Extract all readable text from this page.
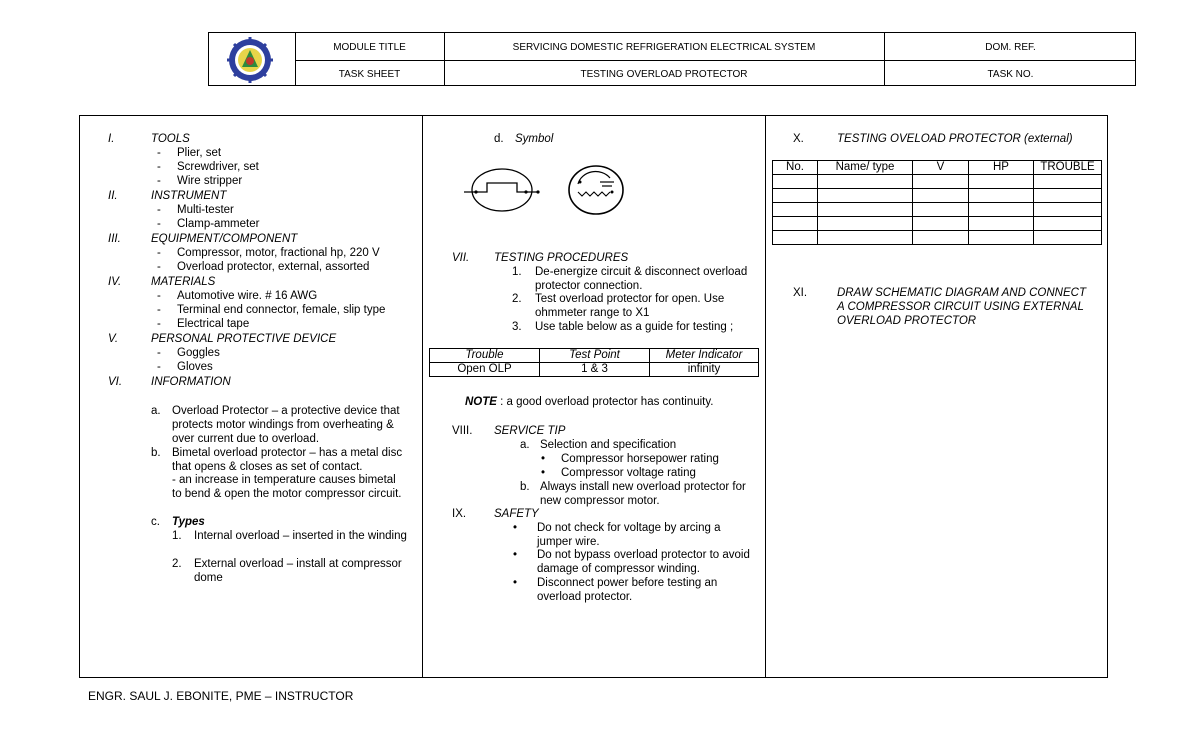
MODULE TITLE	SERVICING DOMESTIC REFRIGERATION ELECTRICAL SYSTEM	DOM. REF.
TASK SHEET	TESTING OVERLOAD PROTECTOR	TASK NO.
I.	TOOLS
- Plier, set
- Screwdriver, set
- Wire stripper
II.	INSTRUMENT
- Multi-tester
- Clamp-ammeter
III.	EQUIPMENT/COMPONENT
- Compressor, motor, fractional hp, 220 V
- Overload protector, external, assorted
IV.	MATERIALS
- Automotive wire. # 16 AWG
- Terminal end connector, female, slip type
- Electrical tape
V.	PERSONAL PROTECTIVE DEVICE
- Goggles
- Gloves
VI.	INFORMATION
a. Overload Protector – a protective device that
protects motor windings from overheating &
over current due to overload.
b. Bimetal overload protector – has a metal disc
that opens & closes as set of contact.
- an increase in temperature causes bimetal
to bend & open the motor compressor circuit.
c. Types
1. Internal overload – inserted in the winding
2. External overload – install at compressor
dome
d. Symbol
VII. TESTING PROCEDURES
1. De-energize circuit & disconnect overload
protector connection.
2. Test overload protector for open. Use
ohmmeter range to X1
3. Use table below as a guide for testing ;
Trouble	Test Point	Meter Indicator
Open OLP	1 & 3	infinity
NOTE : a good overload protector has continuity.
VIII. SERVICE TIP
a. Selection and specification
• Compressor horsepower rating
• Compressor voltage rating
b. Always install new overload protector for
new compressor motor.
IX. SAFETY
• Do not check for voltage by arcing a
jumper wire.
• Do not bypass overload protector to avoid
damage of compressor winding.
• Disconnect power before testing an
overload protector.
X.	TESTING OVELOAD PROTECTOR (external)
No.	Name/ type	V	HP	TROUBLE

XI.	DRAW SCHEMATIC DIAGRAM AND CONNECT
A COMPRESSOR CIRCUIT USING EXTERNAL
OVERLOAD PROTECTOR
ENGR. SAUL J. EBONITE, PME – INSTRUCTOR
